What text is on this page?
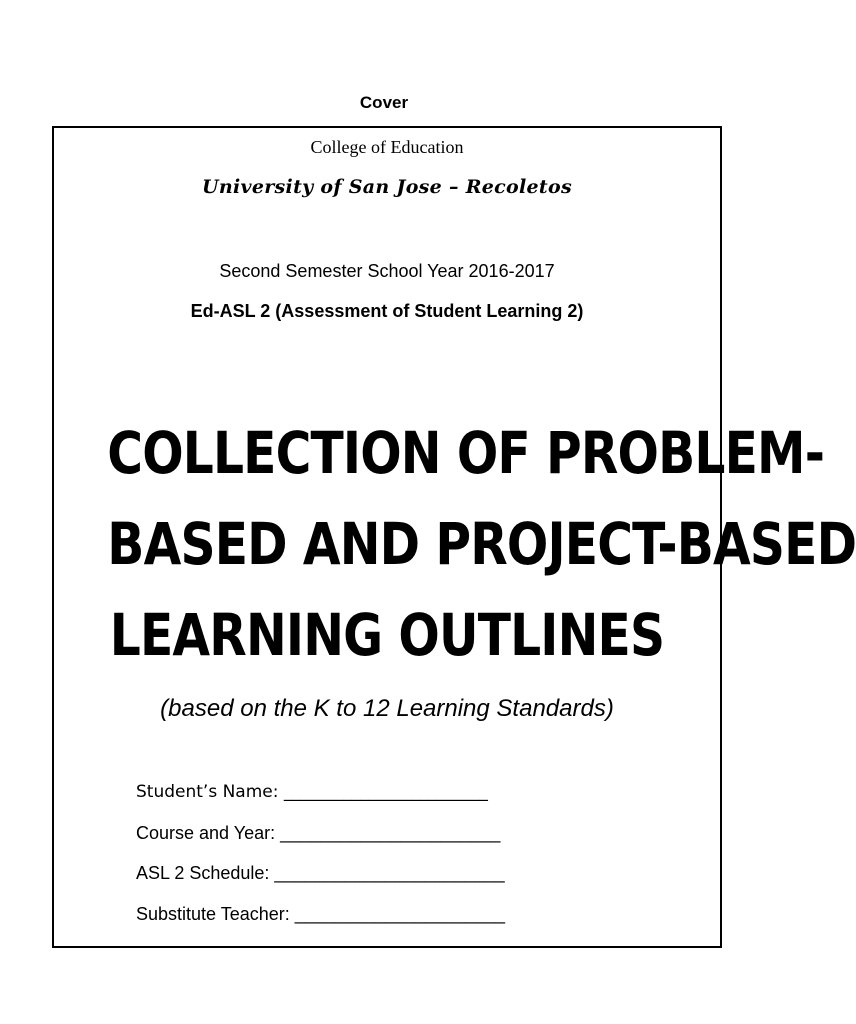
Cover
College of Education
University of San Jose – Recoletos
Second Semester School Year 2016-2017
Ed-ASL 2 (Assessment of Student Learning 2)
COLLECTION OF PROBLEM-
BASED AND PROJECT-BASED
LEARNING OUTLINES
(based on the K to 12 Learning Standards)
Student’s Name: ________________________
Course and Year: ______________________
ASL 2 Schedule: _______________________
Substitute Teacher: _____________________
